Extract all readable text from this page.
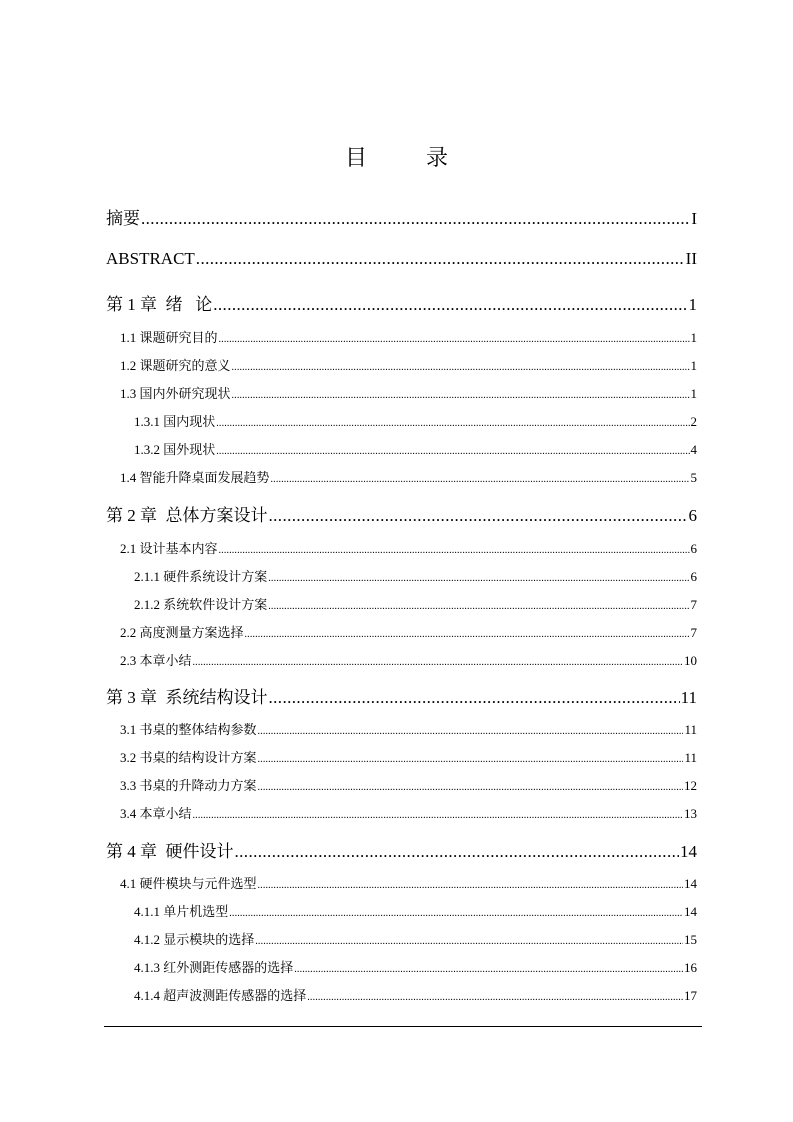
目 录
摘要 .....	I
ABSTRACT .....	II
第 1 章  绪   论 .....	1
1.1 课题研究目的 .....	1
1.2 课题研究的意义 .....	1
1.3 国内外研究现状 .....	1
1.3.1 国内现状 .....	2
1.3.2 国外现状 .....	4
1.4 智能升降桌面发展趋势 .....	5
第 2 章  总体方案设计 .....	6
2.1 设计基本内容 .....	6
2.1.1 硬件系统设计方案 .....	6
2.1.2 系统软件设计方案 .....	7
2.2 高度测量方案选择 .....	7
2.3 本章小结 .....	10
第 3 章  系统结构设计 .....	11
3.1 书桌的整体结构参数 .....	11
3.2 书桌的结构设计方案 .....	11
3.3 书桌的升降动力方案 .....	12
3.4 本章小结 .....	13
第 4 章  硬件设计 .....	14
4.1 硬件模块与元件选型 .....	14
4.1.1 单片机选型 .....	14
4.1.2 显示模块的选择 .....	15
4.1.3 红外测距传感器的选择 .....	16
4.1.4 超声波测距传感器的选择 .....	17
